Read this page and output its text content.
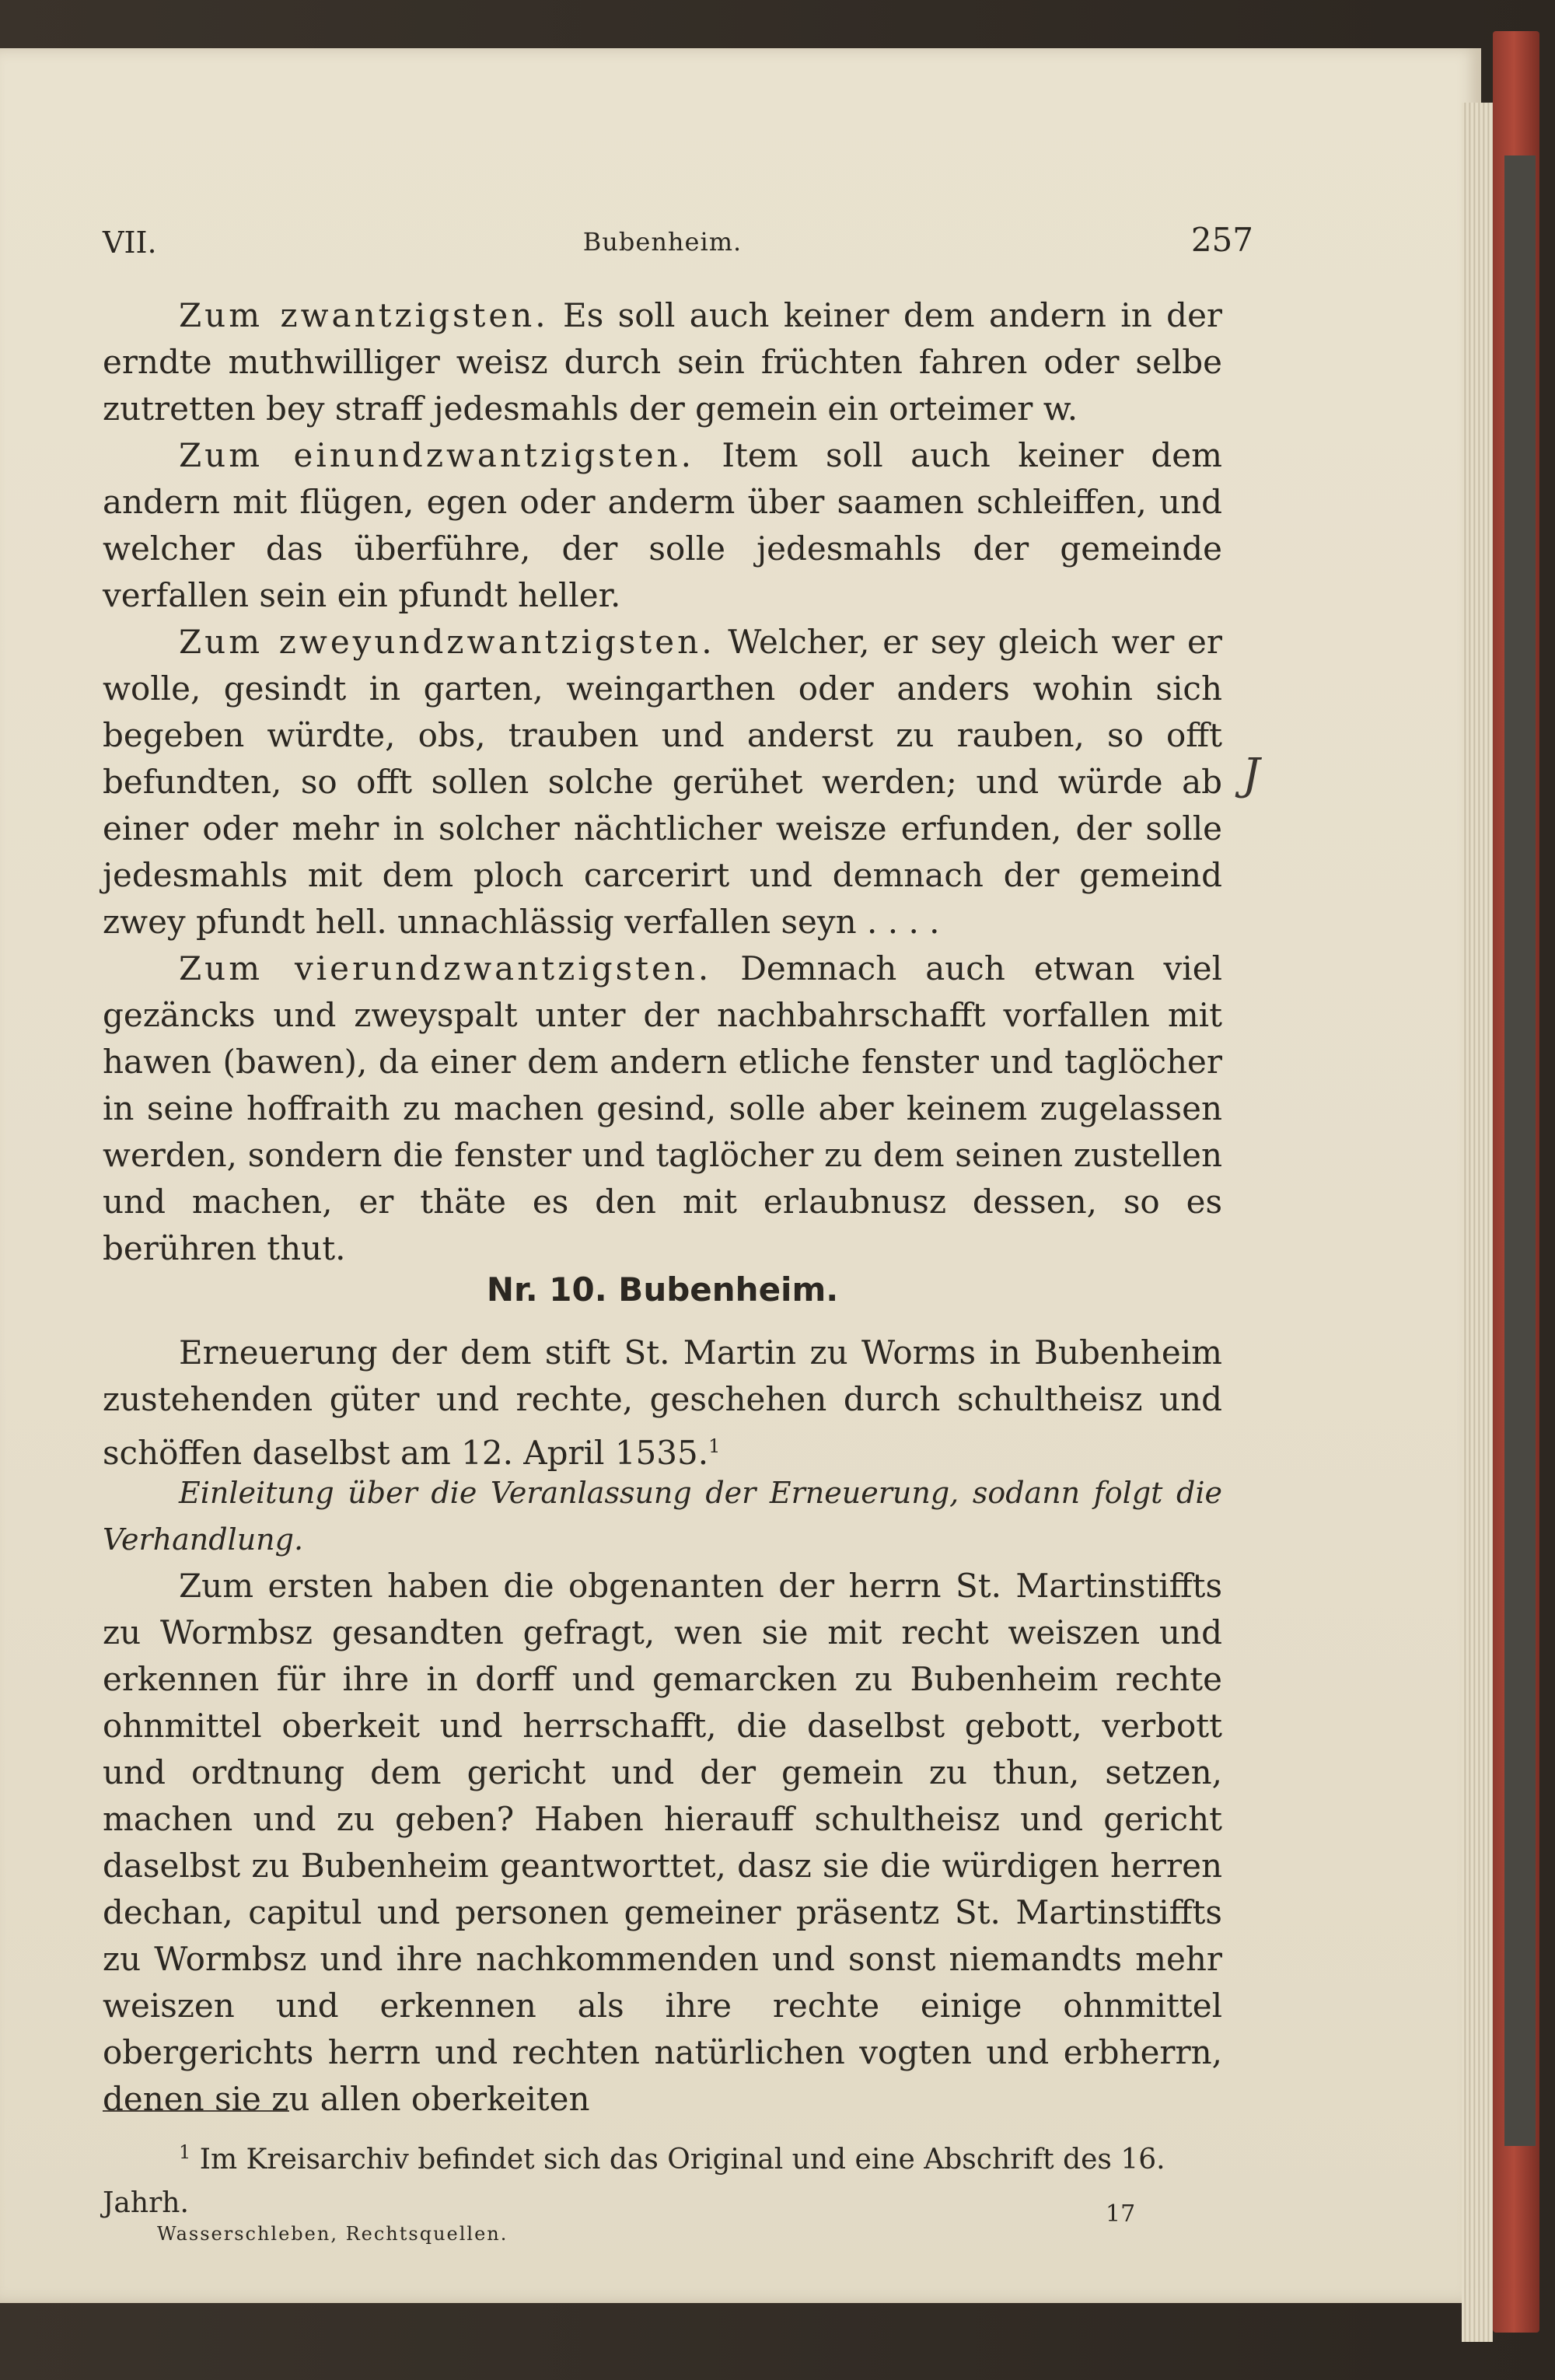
VII.	Bubenheim.	257

Zum zwantzigsten. Es soll auch keiner dem andern in der erndte muthwilliger weisz durch sein früchten fahren oder selbe zutretten bey straff jedesmahls der gemein ein orteimer w.

Zum einundzwantzigsten. Item soll auch keiner dem andern mit flügen, egen oder anderm über saamen schleiffen, und welcher das überführe, der solle jedesmahls der gemeinde verfallen sein ein pfundt heller.

Zum zweyundzwantzigsten. Welcher, er sey gleich wer er wolle, gesindt in garten, weingarthen oder anders wohin sich begeben würdte, obs, trauben und anderst zu rauben, so offt befundten, so offt sollen solche gerühet werden; und würde ab einer oder mehr in solcher nächtlicher weisze erfunden, der solle jedesmahls mit dem ploch carcerirt und demnach der gemeind zwey pfundt hell. unnachlässig verfallen seyn . . . .

Zum vierundzwantzigsten. Demnach auch etwan viel gezäncks und zweyspalt unter der nachbahrschafft vorfallen mit hawen (bawen), da einer dem andern etliche fenster und taglöcher in seine hoffraith zu machen gesind, solle aber keinem zugelassen werden, sondern die fenster und taglöcher zu dem seinen zustellen und machen, er thäte es den mit erlaubnusz dessen, so es berühren thut.

Nr. 10. Bubenheim.

Erneuerung der dem stift St. Martin zu Worms in Bubenheim zustehenden güter und rechte, geschehen durch schultheisz und schöffen daselbst am 12. April 1535.$^1$

Einleitung über die Veranlassung der Erneuerung, sodann folgt die Verhandlung.

Zum ersten haben die obgenanten der herrn St. Martinstiffts zu Wormbsz gesandten gefragt, wen sie mit recht weiszen und erkennen für ihre in dorff und gemarcken zu Bubenheim rechte ohnmittel oberkeit und herrschafft, die daselbst gebott, verbott und ordtnung dem gericht und der gemein zu thun, setzen, machen und zu geben? Haben hierauff schultheisz und gericht daselbst zu Bubenheim geantworttet, dasz sie die würdigen herren dechan, capitul und personen gemeiner präsentz St. Martinstiffts zu Wormbsz und ihre nachkommenden und sonst niemandts mehr weiszen und erkennen als ihre rechte einige ohnmittel obergerichts herrn und rechten natürlichen vogten und erbherrn, denen sie zu allen oberkeiten

$^1$ Im Kreisarchiv befindet sich das Original und eine Abschrift des 16. Jahrh.

Wasserschleben, Rechtsquellen.
17
J
